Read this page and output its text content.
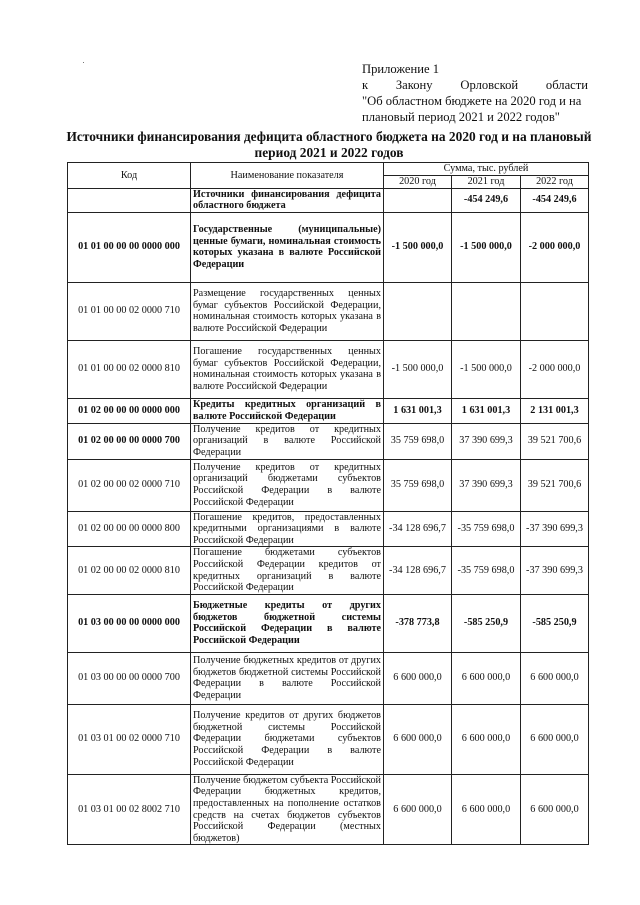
Приложение 1
к Закону Орловской области
"Об областном бюджете на 2020 год и на
плановый период 2021 и 2022 годов"
Источники финансирования дефицита областного бюджета на 2020 год и на плановый период 2021 и 2022 годов
Код	Наименование показателя	Сумма, тыс. рублей		
		2020 год	2021 год	2022 год
	Источники финансирования дефицита областного бюджета		-454 249,6	-454 249,6
01 01 00 00 00 0000 000	Государственные (муниципальные) ценные бумаги, номинальная стоимость которых указана в валюте Российской Федерации	-1 500 000,0	-1 500 000,0	-2 000 000,0
01 01 00 00 02 0000 710	Размещение государственных ценных бумаг субъектов Российской Федерации, номинальная стоимость которых указана в валюте Российской Федерации			
01 01 00 00 02 0000 810	Погашение государственных ценных бумаг субъектов Российской Федерации, номинальная стоимость которых указана в валюте Российской Федерации	-1 500 000,0	-1 500 000,0	-2 000 000,0
01 02 00 00 00 0000 000	Кредиты кредитных организаций в валюте Российской Федерации	1 631 001,3	1 631 001,3	2 131 001,3
01 02 00 00 00 0000 700	Получение кредитов от кредитных организаций в валюте Российской Федерации	35 759 698,0	37 390 699,3	39 521 700,6
01 02 00 00 02 0000 710	Получение кредитов от кредитных организаций бюджетами субъектов Российской Федерации в валюте Российской Федерации	35 759 698,0	37 390 699,3	39 521 700,6
01 02 00 00 00 0000 800	Погашение кредитов, предоставленных кредитными организациями в валюте Российской Федерации	-34 128 696,7	-35 759 698,0	-37 390 699,3
01 02 00 00 02 0000 810	Погашение бюджетами субъектов Российской Федерации кредитов от кредитных организаций в валюте Российской Федерации	-34 128 696,7	-35 759 698,0	-37 390 699,3
01 03 00 00 00 0000 000	Бюджетные кредиты от других бюджетов бюджетной системы Российской Федерации в валюте Российской Федерации	-378 773,8	-585 250,9	-585 250,9
01 03 00 00 00 0000 700	Получение бюджетных кредитов от других бюджетов бюджетной системы Российской Федерации в валюте Российской Федерации	6 600 000,0	6 600 000,0	6 600 000,0
01 03 01 00 02 0000 710	Получение кредитов от других бюджетов бюджетной системы Российской Федерации бюджетами субъектов Российской Федерации в валюте Российской Федерации	6 600 000,0	6 600 000,0	6 600 000,0
01 03 01 00 02 8002 710	Получение бюджетом субъекта Российской Федерации бюджетных кредитов, предоставленных на пополнение остатков средств на счетах бюджетов субъектов Российской Федерации (местных бюджетов)	6 600 000,0	6 600 000,0	6 600 000,0
